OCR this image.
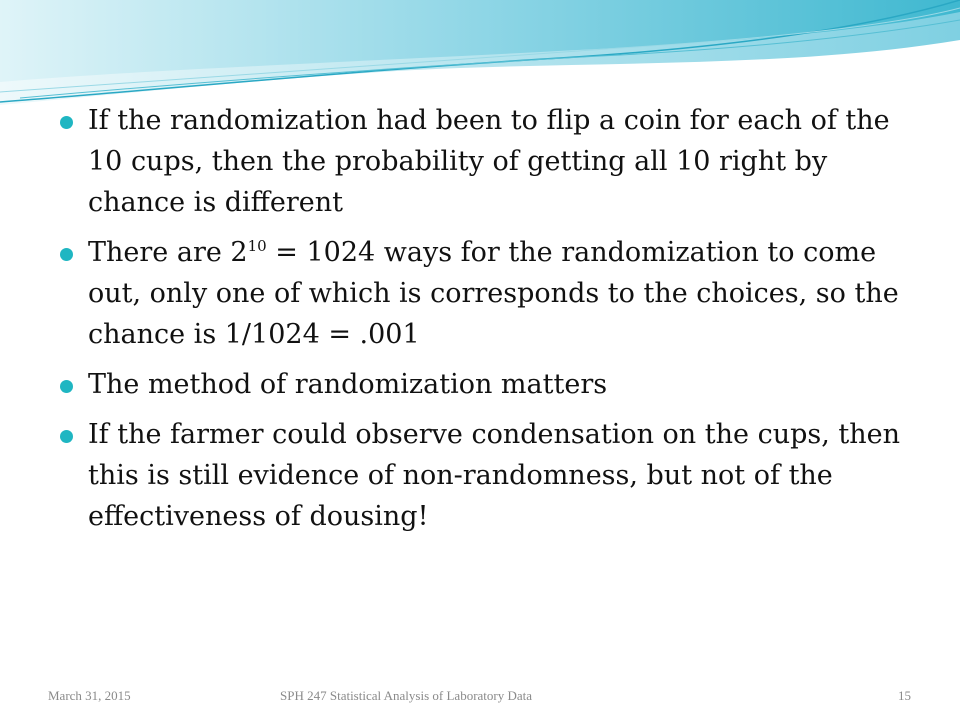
If the randomization had been to flip a coin for each of the 10 cups, then the probability of getting all 10 right by chance is different
There are $2^{10} = 1024$ ways for the randomization to come out, only one of which is corresponds to the choices, so the chance is 1/1024 = .001
The method of randomization matters
If the farmer could observe condensation on the cups, then this is still evidence of non-randomness, but not of the effectiveness of dousing!
March 31, 2015	SPH 247 Statistical Analysis of Laboratory Data	15
